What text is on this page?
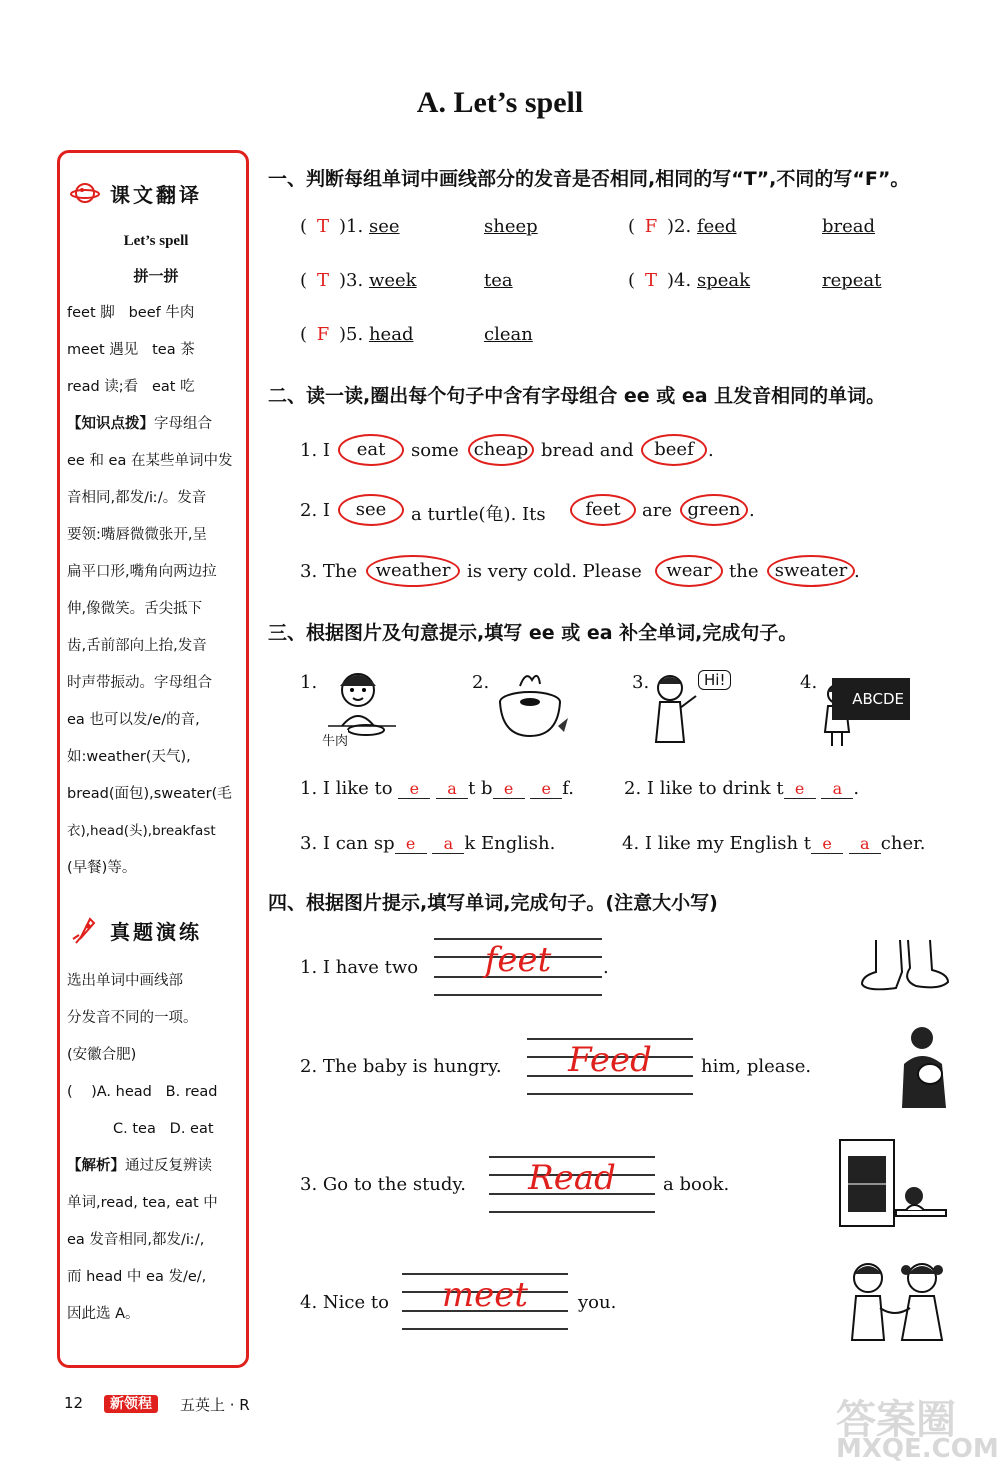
A. Let’s spell
课文翻译
Let’s spell
拼一拼
feet 脚   beef 牛肉
meet 遇见   tea 茶
read 读;看   eat 吃
【知识点拨】字母组合
ee 和 ea 在某些单词中发
音相同,都发/iː/。发音
要领:嘴唇微微张开,呈
扁平口形,嘴角向两边拉
伸,像微笑。舌尖抵下
齿,舌前部向上抬,发音
时声带振动。字母组合
ea 也可以发/e/的音,
如:weather(天气),
bread(面包),sweater(毛
衣),head(头),breakfast
(早餐)等。
真题演练
选出单词中画线部
分发音不同的一项。
(安徽合肥)
(    )A. head   B. read
C. tea   D. eat
【解析】通过反复辨读
单词,read, tea, eat 中
ea 发音相同,都发/iː/,
而 head 中 ea 发/e/,
因此选 A。
一、判断每组单词中画线部分的发音是否相同,相同的写“T”,不同的写“F”。
( T )1. see	sheep	( F )2. feed	bread
( T )3. week	tea	( T )4. speak	repeat
( F )5. head	clean
二、读一读,圈出每个句子中含有字母组合 ee 或 ea 且发音相同的单词。
1. I	eat	some cheap bread and	beef .
2. I	see	a turtle(龟). Its	feet	are green .
3. The	weather is very cold. Please	wear the sweater .
三、根据图片及句意提示,填写 ee 或 ea 补全单词,完成句子。
1.
牛肉
2.	3.	Hi!	4.
ABCDE
1. I like to e a t b e e f.	2. I like to drink t e a .
3. I can sp e a k English.	4. I like my English t e a cher.
四、根据图片提示,填写单词,完成句子。(注意大小写)
1. I have two	feet	.
2. The baby is hungry.	Feed	him, please.
3. Go to the study.	Read	a book.
4. Nice to	meet	you.
12	新领程	五英上 · R	答案圈
MXQE.COM
